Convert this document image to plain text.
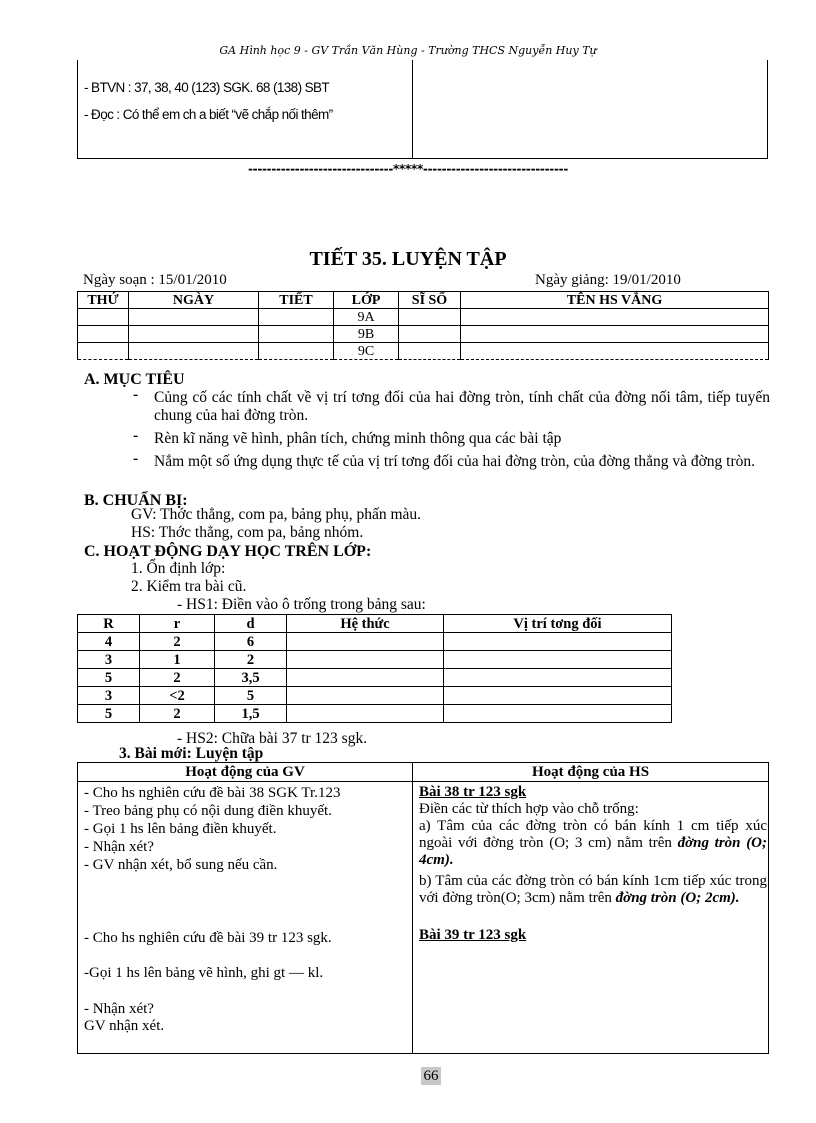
GA Hình học 9 - GV Trần Văn Hùng - Trường THCS Nguyễn Huy Tự
- BTVN : 37, 38, 40 (123) SGK. 68 (138) SBT
- Đọc : Có thể em ch a biết “vẽ chắp nối thêm”
-------------------------------*****-------------------------------
TIẾT 35. LUYỆN TẬP
Ngày soạn : 15/01/2010	Ngày giảng: 19/01/2010
THỨ	NGÀY	TIẾT	LỚP	SĨ SỐ	TÊN HS VẮNG
			9A		
			9B		
			9C		
A. MỤC TIÊU
- Củng cố các tính chất về vị trí tơng đối của hai đờng tròn, tính chất của đờng nối tâm, tiếp tuyến chung của hai đờng tròn.
- Rèn kĩ năng vẽ hình, phân tích, chứng minh thông qua các bài tập
- Nắm một số ứng dụng thực tế của vị trí tơng đối của hai đờng tròn, của đờng thẳng và đờng tròn.
B. CHUẨN BỊ:
GV: Thớc thẳng, com pa, bảng phụ, phấn màu.
HS: Thớc thẳng, com pa, bảng nhóm.
C. HOẠT ĐỘNG DẠY HỌC TRÊN LỚP:
1. Ổn định lớp:
2. Kiểm tra bài cũ.
- HS1: Điền vào ô trống trong bảng sau:
R	r	d	Hệ thức	Vị trí tơng đối
4	2	6		
3	1	2		
5	2	3,5		
3	<2	5		
5	2	1,5		
- HS2: Chữa bài 37 tr 123 sgk.
3. Bài mới: Luyện tập
Hoạt động của GV	Hoạt động của HS
- Cho hs nghiên cứu đề bài 38 SGK Tr.123
- Treo bảng phụ có nội dung điền khuyết.
- Gọi 1 hs lên bảng điền khuyết.
- Nhận xét?
- GV nhận xét, bổ sung nếu cần.
- Cho hs nghiên cứu đề bài 39 tr 123 sgk.
-Gọi 1 hs lên bảng vẽ hình, ghi gt — kl.
- Nhận xét?
GV nhận xét.
Bài 38 tr 123 sgk
Điền các từ thích hợp vào chỗ trống:
a) Tâm của các đờng tròn có bán kính 1 cm tiếp xúc ngoài với đờng tròn (O; 3 cm) nằm trên đờng tròn (O; 4cm).
b) Tâm của các đờng tròn có bán kính 1cm tiếp xúc trong với đờng tròn(O; 3cm) nằm trên đờng tròn (O; 2cm).
Bài 39 tr 123 sgk
66
